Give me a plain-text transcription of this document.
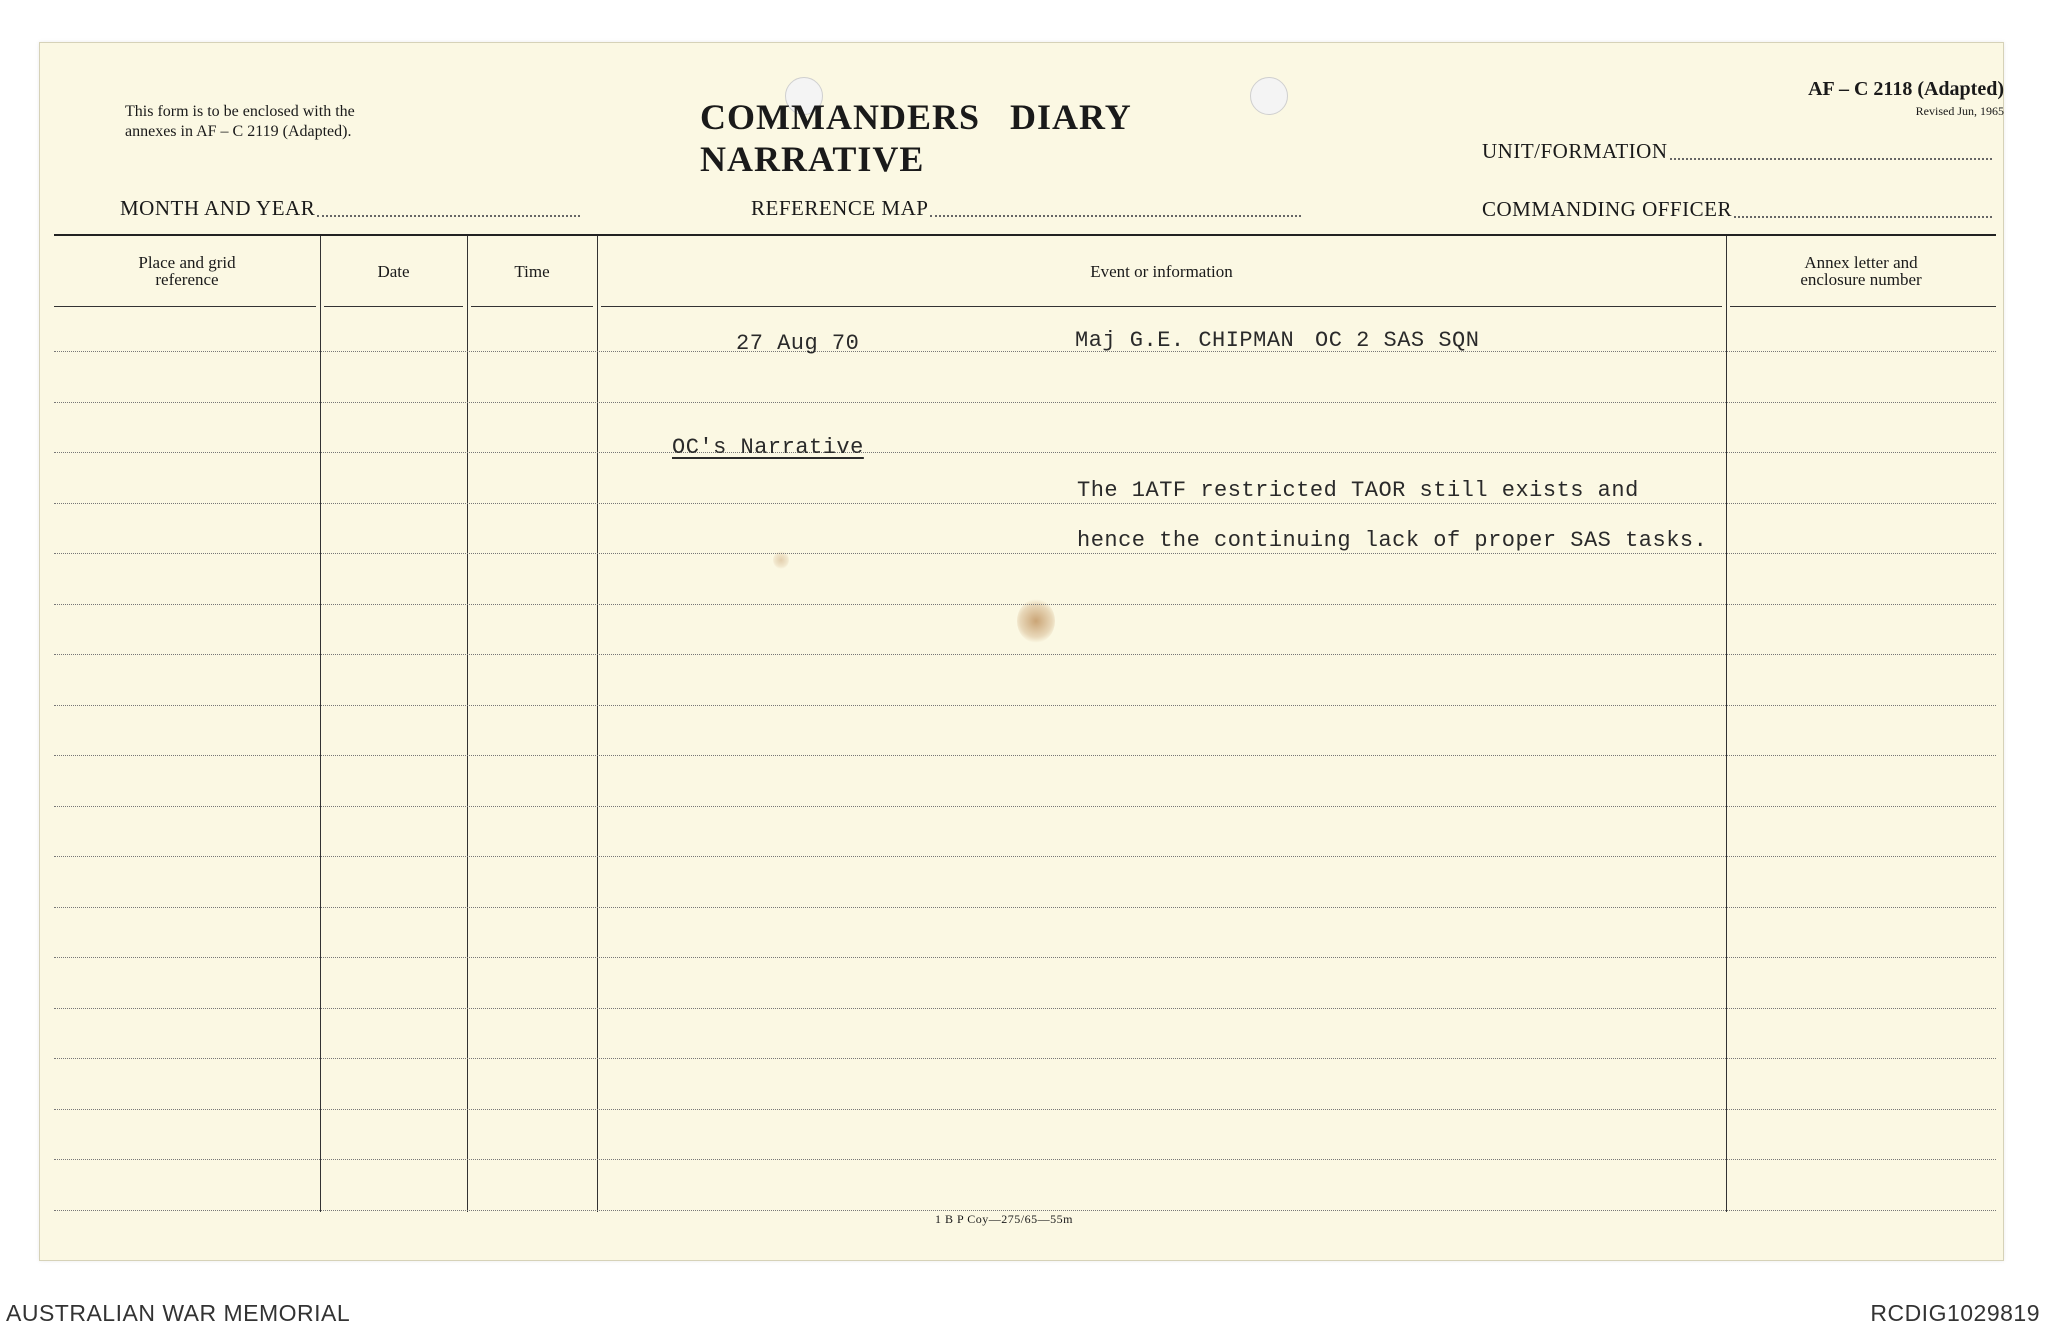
This form is to be enclosed with the
annexes in AF – C 2119 (Adapted).	COMMANDERS DIARY NARRATIVE
AF – C 2118 (Adapted)
Revised Jun, 1965
UNIT/FORMATION
MONTH AND YEAR	REFERENCE MAP	COMMANDING OFFICER
Place and grid
reference	Date	Time	Event or information	Annex letter and
enclosure number
27 Aug 70	Maj G.E. CHIPMAN OC 2 SAS SQN
OC's Narrative
The 1ATF restricted TAOR still exists and
hence the continuing lack of proper SAS tasks.
1 B P Coy—275/65—55m
AUSTRALIAN WAR MEMORIAL	RCDIG1029819
